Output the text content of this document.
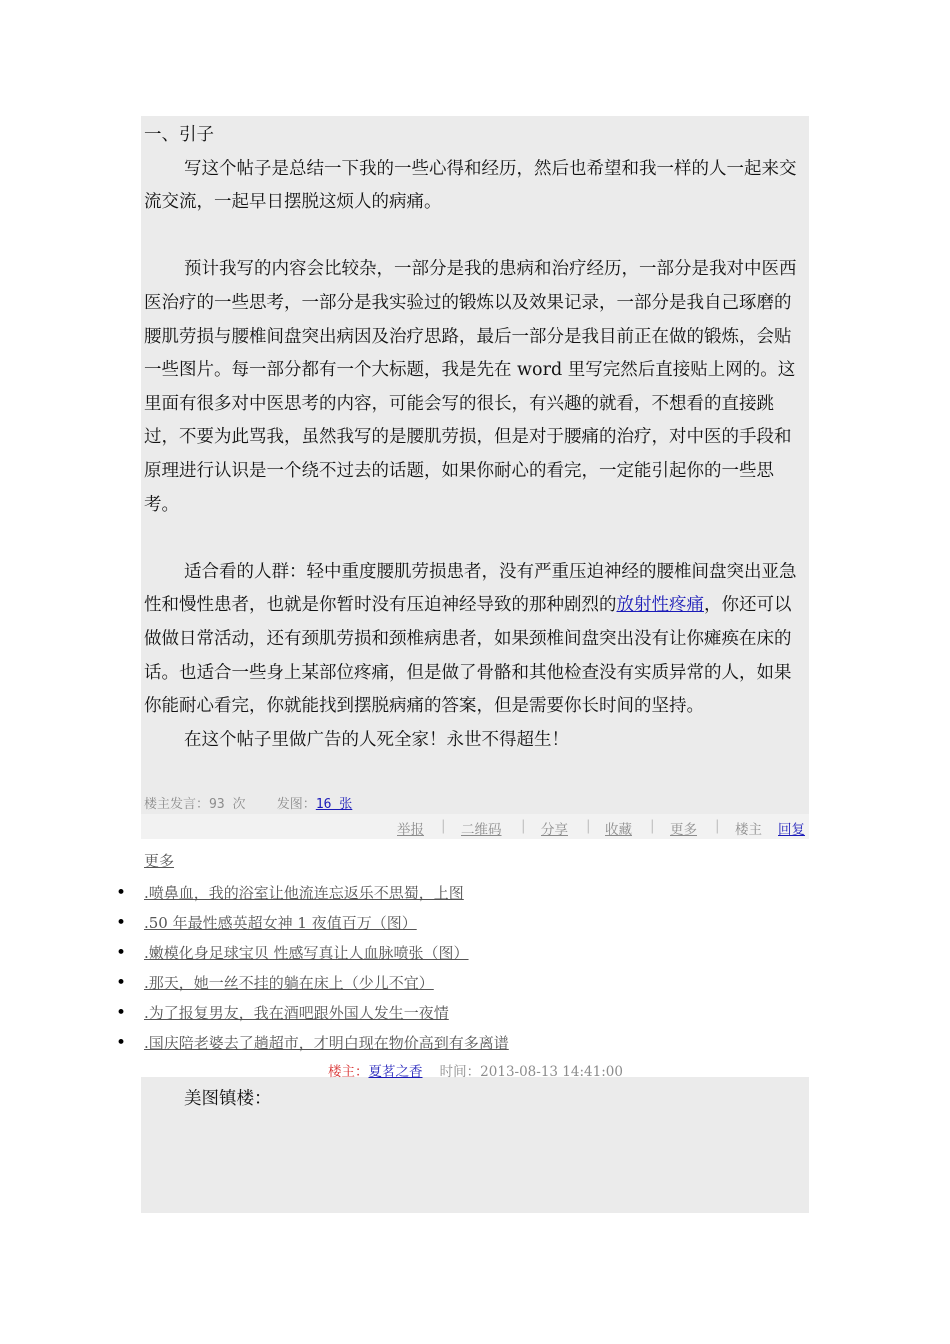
一、引子

写这个帖子是总结一下我的一些心得和经历，然后也希望和我一样的人一起来交流交流，一起早日摆脱这烦人的病痛。

预计我写的内容会比较杂，一部分是我的患病和治疗经历，一部分是我对中医西医治疗的一些思考，一部分是我实验过的锻炼以及效果记录，一部分是我自己琢磨的腰肌劳损与腰椎间盘突出病因及治疗思路，最后一部分是我目前正在做的锻炼，会贴一些图片。每一部分都有一个大标题，我是先在 word 里写完然后直接贴上网的。这里面有很多对中医思考的内容，可能会写的很长，有兴趣的就看，不想看的直接跳过，不要为此骂我，虽然我写的是腰肌劳损，但是对于腰痛的治疗，对中医的手段和原理进行认识是一个绕不过去的话题，如果你耐心的看完，一定能引起你的一些思考。

适合看的人群：轻中重度腰肌劳损患者，没有严重压迫神经的腰椎间盘突出亚急性和慢性患者，也就是你暂时没有压迫神经导致的那种剧烈的放射性疼痛，你还可以做做日常活动，还有颈肌劳损和颈椎病患者，如果颈椎间盘突出没有让你瘫痪在床的话。也适合一些身上某部位疼痛，但是做了骨骼和其他检查没有实质异常的人，如果你能耐心看完，你就能找到摆脱病痛的答案，但是需要你长时间的坚持。

在这个帖子里做广告的人死全家！永世不得超生！

楼主发言：93 次 发图：16 张
举报 | 二维码 | 分享 | 收藏 | 更多 | 楼主 回复
更多
• .喷鼻血，我的浴室让他流连忘返乐不思蜀，上图
• .50 年最性感英超女神 1 夜值百万（图）
• .嫩模化身足球宝贝 性感写真让人血脉喷张（图）
• .那天，她一丝不挂的躺在床上（少儿不宜）
• .为了报复男友，我在酒吧跟外国人发生一夜情
• .国庆陪老婆去了趟超市，才明白现在物价高到有多离谱
楼主：夏茗之香 时间：2013-08-13 14:41:00
美图镇楼：
